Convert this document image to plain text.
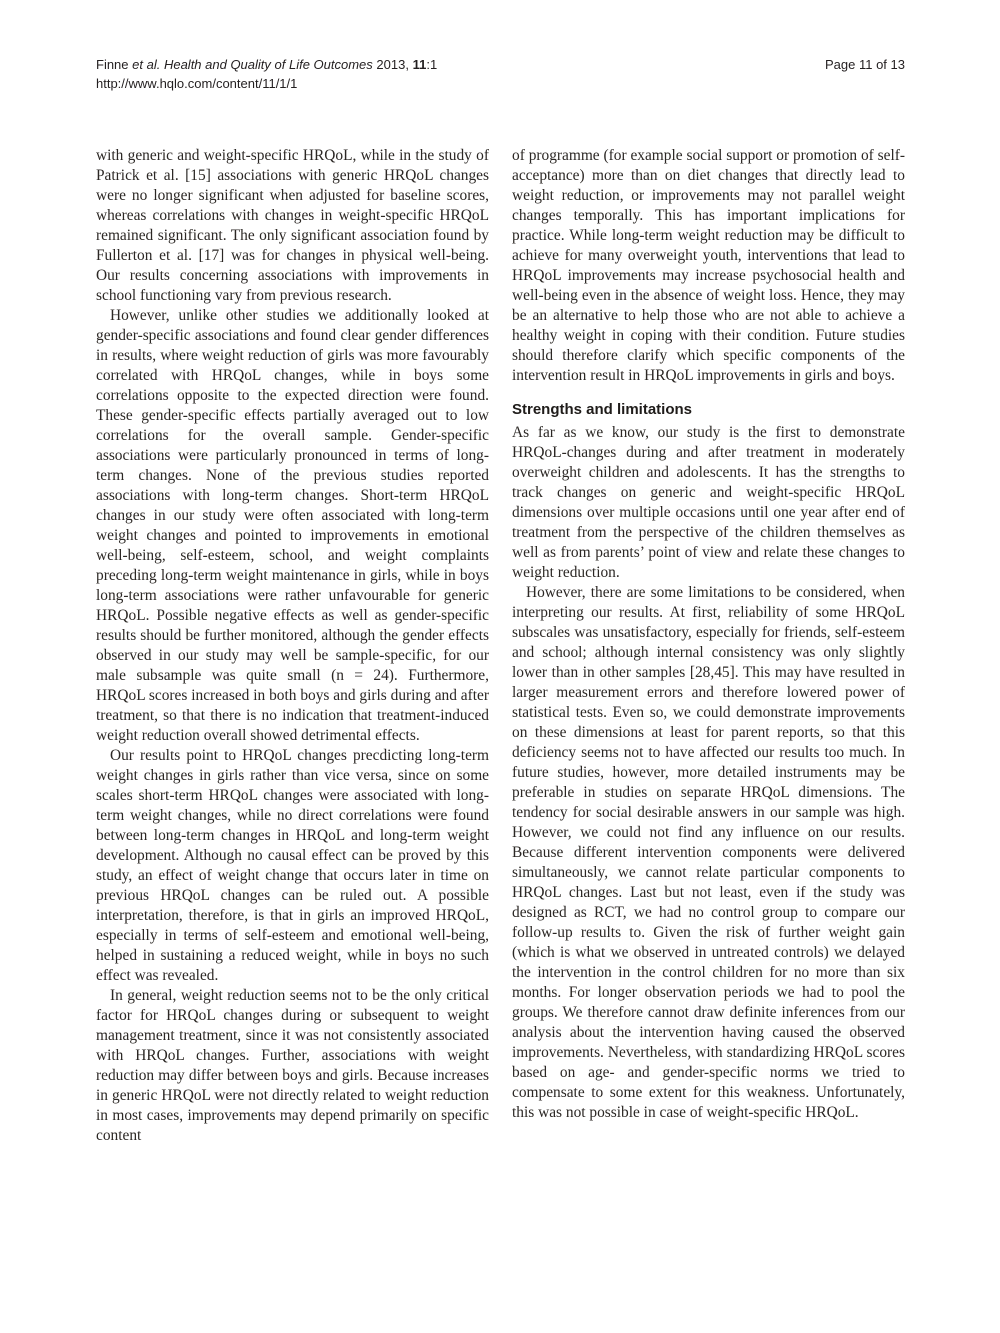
Finne et al. Health and Quality of Life Outcomes 2013, 11:1
http://www.hqlo.com/content/11/1/1
Page 11 of 13

with generic and weight-specific HRQoL, while in the study of Patrick et al. [15] associations with generic HRQoL changes were no longer significant when adjusted for baseline scores, whereas correlations with changes in weight-specific HRQoL remained significant. The only significant association found by Fullerton et al. [17] was for changes in physical well-being. Our results concerning associations with improvements in school functioning vary from previous research.

However, unlike other studies we additionally looked at gender-specific associations and found clear gender differences in results, where weight reduction of girls was more favourably correlated with HRQoL changes, while in boys some correlations opposite to the expected direction were found. These gender-specific effects partially averaged out to low correlations for the overall sample. Gender-specific associations were particularly pronounced in terms of long-term changes. None of the previous studies reported associations with long-term changes. Short-term HRQoL changes in our study were often associated with long-term weight changes and pointed to improvements in emotional well-being, self-esteem, school, and weight complaints preceding long-term weight maintenance in girls, while in boys long-term associations were rather unfavourable for generic HRQoL. Possible negative effects as well as gender-specific results should be further monitored, although the gender effects observed in our study may well be sample-specific, for our male subsample was quite small (n = 24). Furthermore, HRQoL scores increased in both boys and girls during and after treatment, so that there is no indication that treatment-induced weight reduction overall showed detrimental effects.

Our results point to HRQoL changes precdicting long-term weight changes in girls rather than vice versa, since on some scales short-term HRQoL changes were associated with long-term weight changes, while no direct correlations were found between long-term changes in HRQoL and long-term weight development. Although no causal effect can be proved by this study, an effect of weight change that occurs later in time on previous HRQoL changes can be ruled out. A possible interpretation, therefore, is that in girls an improved HRQoL, especially in terms of self-esteem and emotional well-being, helped in sustaining a reduced weight, while in boys no such effect was revealed.

In general, weight reduction seems not to be the only critical factor for HRQoL changes during or subsequent to weight management treatment, since it was not consistently associated with HRQoL changes. Further, associations with weight reduction may differ between boys and girls. Because increases in generic HRQoL were not directly related to weight reduction in most cases, improvements may depend primarily on specific content

of programme (for example social support or promotion of self-acceptance) more than on diet changes that directly lead to weight reduction, or improvements may not parallel weight changes temporally. This has important implications for practice. While long-term weight reduction may be difficult to achieve for many overweight youth, interventions that lead to HRQoL improvements may increase psychosocial health and well-being even in the absence of weight loss. Hence, they may be an alternative to help those who are not able to achieve a healthy weight in coping with their condition. Future studies should therefore clarify which specific components of the intervention result in HRQoL improvements in girls and boys.

Strengths and limitations

As far as we know, our study is the first to demonstrate HRQoL-changes during and after treatment in moderately overweight children and adolescents. It has the strengths to track changes on generic and weight-specific HRQoL dimensions over multiple occasions until one year after end of treatment from the perspective of the children themselves as well as from parents’ point of view and relate these changes to weight reduction.

However, there are some limitations to be considered, when interpreting our results. At first, reliability of some HRQoL subscales was unsatisfactory, especially for friends, self-esteem and school; although internal consistency was only slightly lower than in other samples [28,45]. This may have resulted in larger measurement errors and therefore lowered power of statistical tests. Even so, we could demonstrate improvements on these dimensions at least for parent reports, so that this deficiency seems not to have affected our results too much. In future studies, however, more detailed instruments may be preferable in studies on separate HRQoL dimensions. The tendency for social desirable answers in our sample was high. However, we could not find any influence on our results. Because different intervention components were delivered simultaneously, we cannot relate particular components to HRQoL changes. Last but not least, even if the study was designed as RCT, we had no control group to compare our follow-up results to. Given the risk of further weight gain (which is what we observed in untreated controls) we delayed the intervention in the control children for no more than six months. For longer observation periods we had to pool the groups. We therefore cannot draw definite inferences from our analysis about the intervention having caused the observed improvements. Nevertheless, with standardizing HRQoL scores based on age- and gender-specific norms we tried to compensate to some extent for this weakness. Unfortunately, this was not possible in case of weight-specific HRQoL.
